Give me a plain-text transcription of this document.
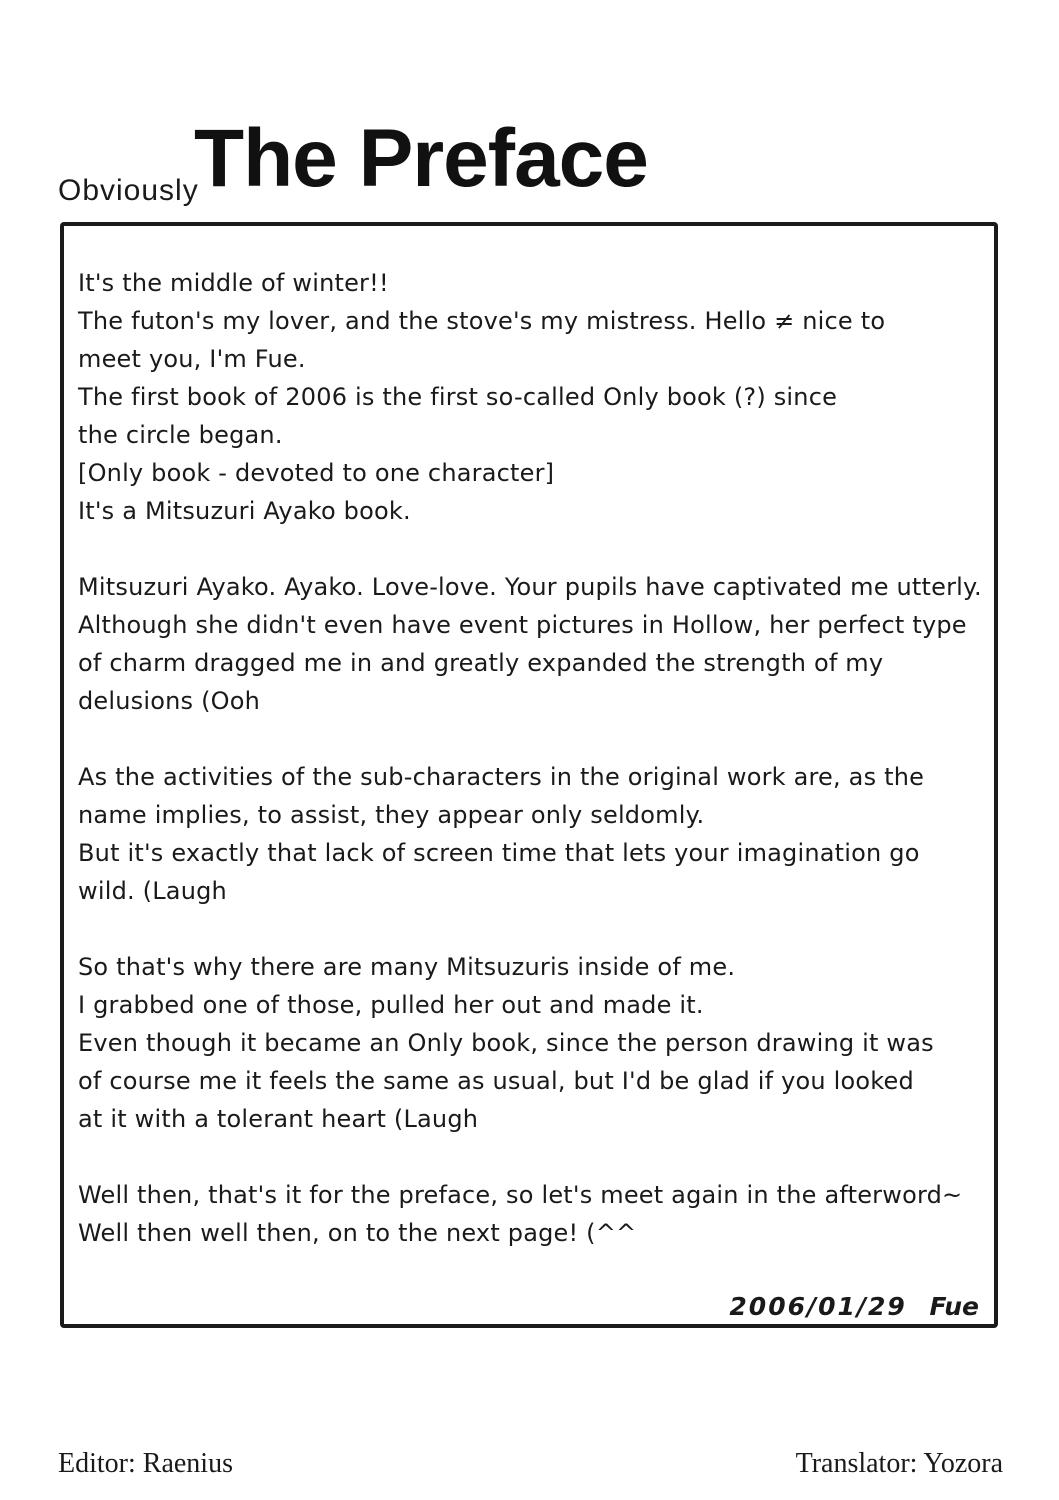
Obviously
The Preface
It's the middle of winter!!
The futon's my lover, and the stove's my mistress. Hello ≠ nice to
meet you, I'm Fue.
The first book of 2006 is the first so-called Only book (?) since
the circle began.
[Only book - devoted to one character]
It's a Mitsuzuri Ayako book.
Mitsuzuri Ayako. Ayako. Love-love. Your pupils have captivated me utterly.
Although she didn't even have event pictures in Hollow, her perfect type
of charm dragged me in and greatly expanded the strength of my
delusions (Ooh
As the activities of the sub-characters in the original work are, as the
name implies, to assist, they appear only seldomly.
But it's exactly that lack of screen time that lets your imagination go
wild. (Laugh
So that's why there are many Mitsuzuris inside of me.
I grabbed one of those, pulled her out and made it.
Even though it became an Only book, since the person drawing it was
of course me it feels the same as usual, but I'd be glad if you looked
at it with a tolerant heart (Laugh
Well then, that's it for the preface, so let's meet again in the afterword~
Well then well then, on to the next page! (^^
2006/01/29 Fue
Editor: Raenius	Translator: Yozora
